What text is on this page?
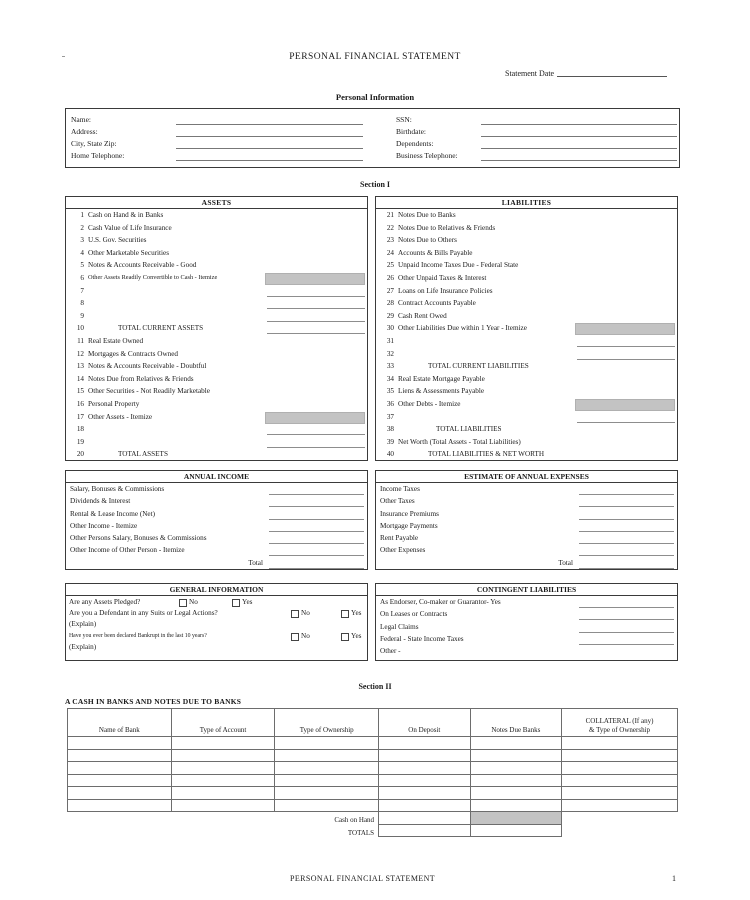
PERSONAL FINANCIAL STATEMENT
Statement Date
Personal Information
Name:
Address:
City, State Zip:
Home Telephone:
SSN:
Birthdate:
Dependents:
Business Telephone:
Section I
ASSETS
1 Cash on Hand & in Banks
2 Cash Value of Life Insurance
3 U.S. Gov. Securities
4 Other Marketable Securities
5 Notes & Accounts Receivable - Good
6 Other Assets Readily Convertible to Cash - Itemize
7
8
9
10	TOTAL CURRENT ASSETS
11 Real Estate Owned
12 Mortgages & Contracts Owned
13 Notes & Accounts Receivable - Doubtful
14 Notes Due from Relatives & Friends
15 Other Securities - Not Readily Marketable
16 Personal Property
17 Other Assets - Itemize
18
19
20	TOTAL ASSETS
LIABILITIES
21 Notes Due to Banks
22 Notes Due to Relatives & Friends
23 Notes Due to Others
24 Accounts & Bills Payable
25 Unpaid Income Taxes Due - Federal State
26 Other Unpaid Taxes & Interest
27 Loans on Life Insurance Policies
28 Contract Accounts Payable
29 Cash Rent Owed
30 Other Liabilities Due within 1 Year - Itemize
31
32
33	TOTAL CURRENT LIABILITIES
34 Real Estate Mortgage Payable
35 Liens & Assessments Payable
36 Other Debts - Itemize
37
38	TOTAL LIABILITIES
39 Net Worth (Total Assets - Total Liabilities)
40	TOTAL LIABILITIES & NET WORTH
ANNUAL INCOME
Salary, Bonuses & Commissions
Dividends & Interest
Rental & Lease Income (Net)
Other Income - Itemize
Other Persons Salary, Bonuses & Commissions
Other Income of Other Person - Itemize
Total
ESTIMATE OF ANNUAL EXPENSES
Income Taxes
Other Taxes
Insurance Premiums
Mortgage Payments
Rent Payable
Other Expenses
Total
GENERAL INFORMATION
Are any Assets Pledged?	No	Yes
Are you a Defendant in any Suits or Legal Actions?	No	Yes
(Explain)
Have you ever been declared Bankrupt in the last 10 years?	No	Yes
(Explain)
CONTINGENT LIABILITIES
As Endorser, Co-maker or Guarantor- Yes
On Leases or Contracts
Legal Claims
Federal - State Income Taxes
Other -
Section II
A CASH IN BANKS AND NOTES DUE TO BANKS
Name of Bank	Type of Account	Type of Ownership	On Deposit	Notes Due Banks	COLLATERAL (If any)
& Type of Ownership

Cash on Hand					
TOTALS					
PERSONAL FINANCIAL STATEMENT	1
